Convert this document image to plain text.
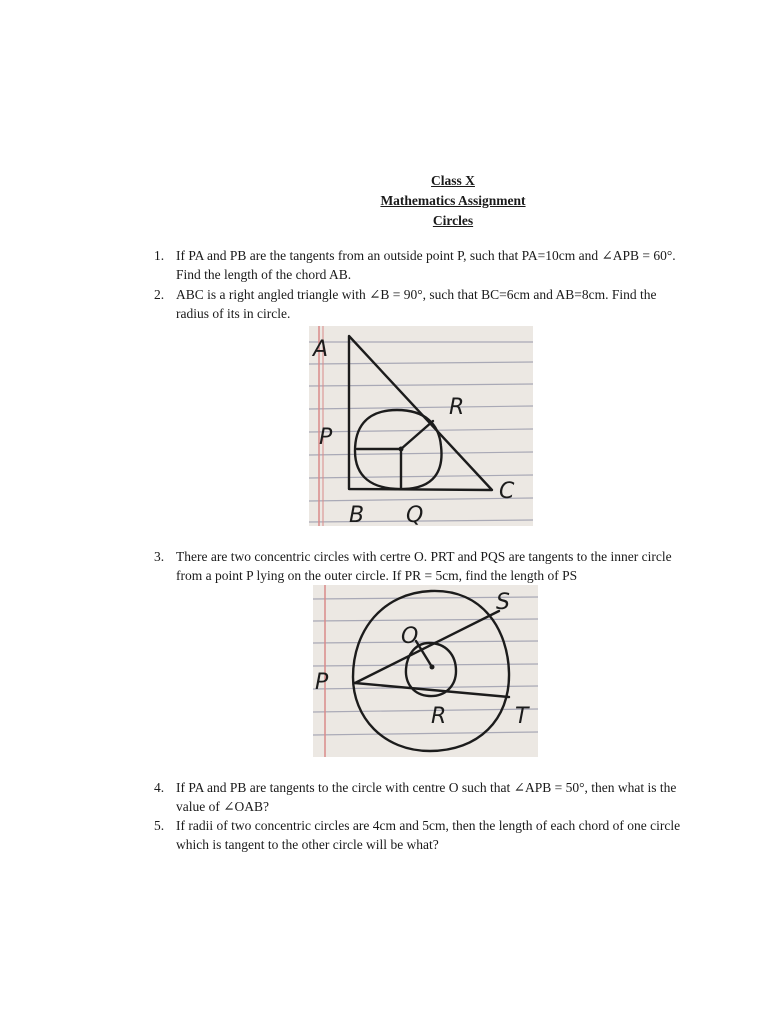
Class X
Mathematics Assignment
Circles
1. If PA and PB are the tangents from an outside point P, such that PA=10cm and ∠APB = 60°.
Find the length of the chord AB.
2. ABC is a right angled triangle with ∠B = 90°, such that BC=6cm and AB=8cm. Find the
radius of its in circle.
A
R
P
C
B Q
3. There are two concentric circles with certre O. PRT and PQS are tangents to the inner circle
from a point P lying on the outer circle. If PR = 5cm, find the length of PS
S
O
P
R	T
4. If PA and PB are tangents to the circle with centre O such that ∠APB = 50°, then what is the
value of ∠OAB?
5. If radii of two concentric circles are 4cm and 5cm, then the length of each chord of one circle
which is tangent to the other circle will be what?
